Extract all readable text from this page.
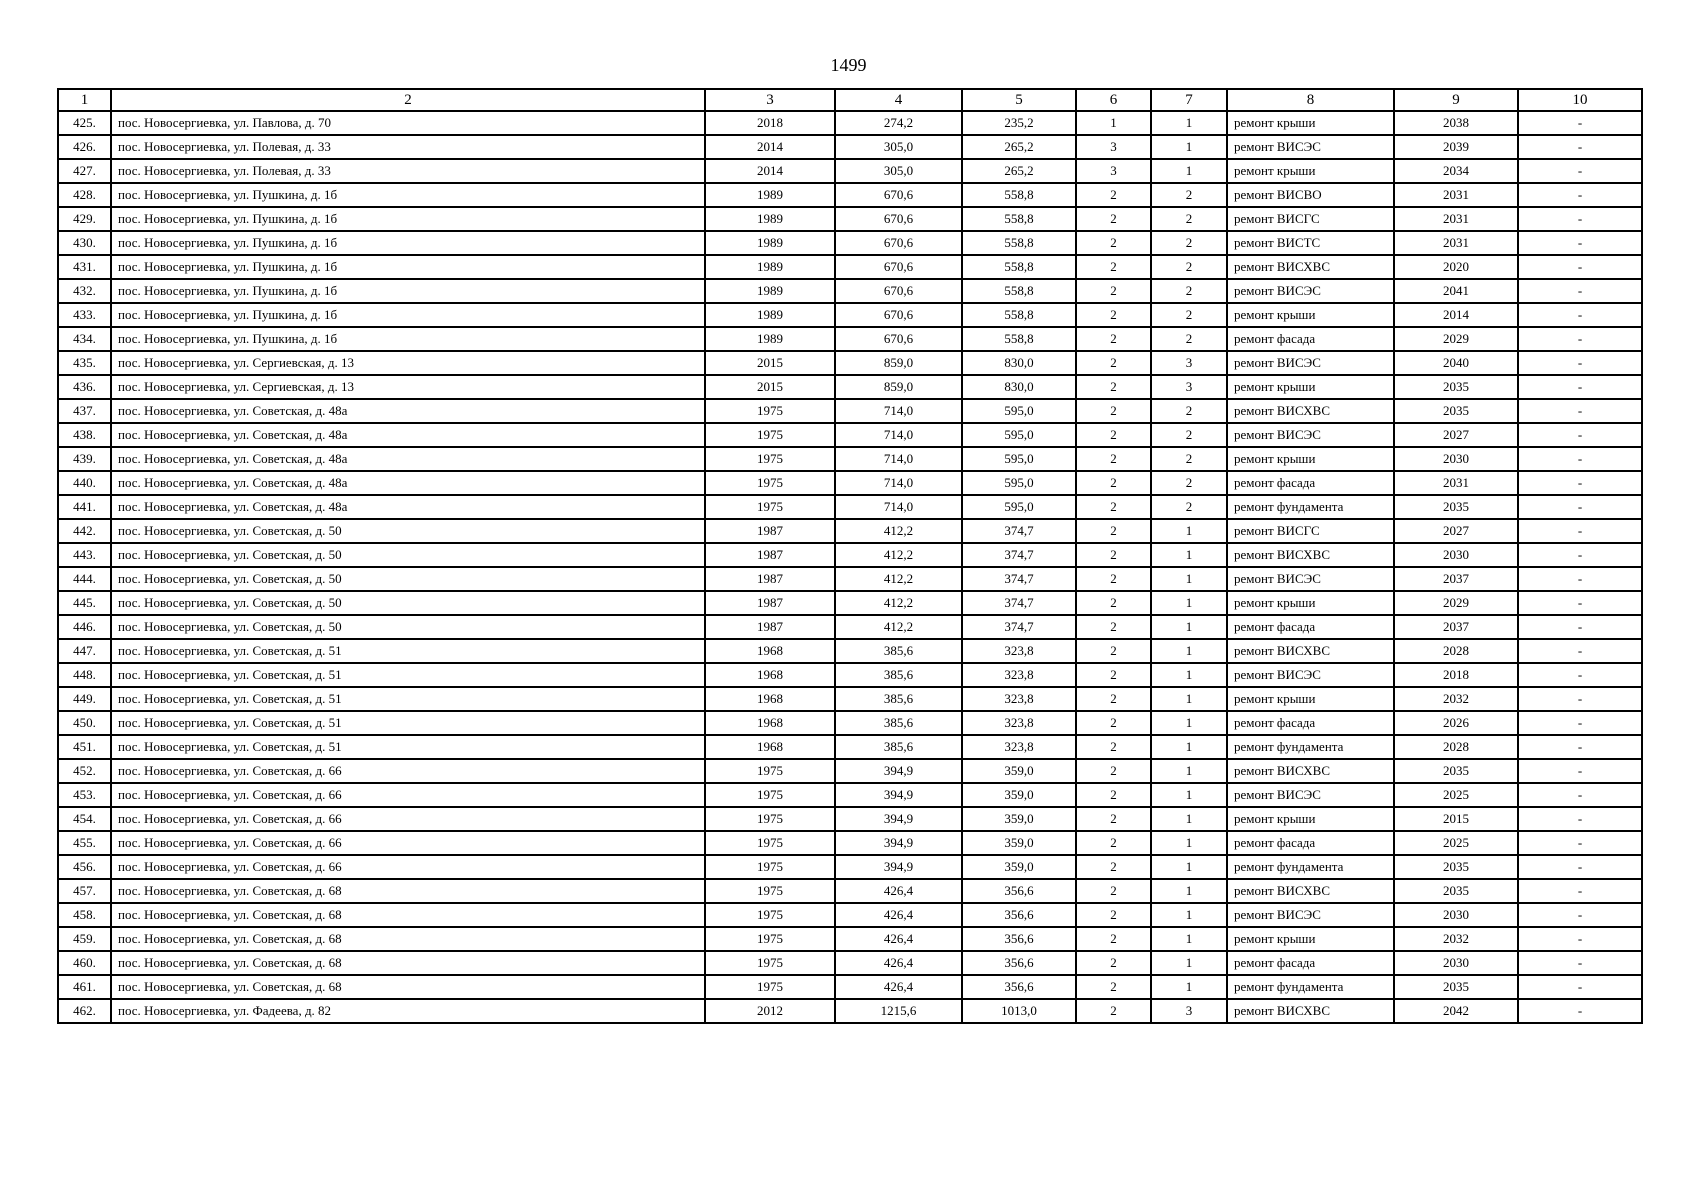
1499
1	2	3	4	5	6	7	8	9	10
425.	пос. Новосергиевка, ул. Павлова, д. 70	2018	274,2	235,2	1	1	ремонт крыши	2038	-
426.	пос. Новосергиевка, ул. Полевая, д. 33	2014	305,0	265,2	3	1	ремонт ВИСЭС	2039	-
427.	пос. Новосергиевка, ул. Полевая, д. 33	2014	305,0	265,2	3	1	ремонт крыши	2034	-
428.	пос. Новосергиевка, ул. Пушкина, д. 1б	1989	670,6	558,8	2	2	ремонт ВИСВО	2031	-
429.	пос. Новосергиевка, ул. Пушкина, д. 1б	1989	670,6	558,8	2	2	ремонт ВИСГС	2031	-
430.	пос. Новосергиевка, ул. Пушкина, д. 1б	1989	670,6	558,8	2	2	ремонт ВИСТС	2031	-
431.	пос. Новосергиевка, ул. Пушкина, д. 1б	1989	670,6	558,8	2	2	ремонт ВИСХВС	2020	-
432.	пос. Новосергиевка, ул. Пушкина, д. 1б	1989	670,6	558,8	2	2	ремонт ВИСЭС	2041	-
433.	пос. Новосергиевка, ул. Пушкина, д. 1б	1989	670,6	558,8	2	2	ремонт крыши	2014	-
434.	пос. Новосергиевка, ул. Пушкина, д. 1б	1989	670,6	558,8	2	2	ремонт фасада	2029	-
435.	пос. Новосергиевка, ул. Сергиевская, д. 13	2015	859,0	830,0	2	3	ремонт ВИСЭС	2040	-
436.	пос. Новосергиевка, ул. Сергиевская, д. 13	2015	859,0	830,0	2	3	ремонт крыши	2035	-
437.	пос. Новосергиевка, ул. Советская, д. 48а	1975	714,0	595,0	2	2	ремонт ВИСХВС	2035	-
438.	пос. Новосергиевка, ул. Советская, д. 48а	1975	714,0	595,0	2	2	ремонт ВИСЭС	2027	-
439.	пос. Новосергиевка, ул. Советская, д. 48а	1975	714,0	595,0	2	2	ремонт крыши	2030	-
440.	пос. Новосергиевка, ул. Советская, д. 48а	1975	714,0	595,0	2	2	ремонт фасада	2031	-
441.	пос. Новосергиевка, ул. Советская, д. 48а	1975	714,0	595,0	2	2	ремонт фундамента	2035	-
442.	пос. Новосергиевка, ул. Советская, д. 50	1987	412,2	374,7	2	1	ремонт ВИСГС	2027	-
443.	пос. Новосергиевка, ул. Советская, д. 50	1987	412,2	374,7	2	1	ремонт ВИСХВС	2030	-
444.	пос. Новосергиевка, ул. Советская, д. 50	1987	412,2	374,7	2	1	ремонт ВИСЭС	2037	-
445.	пос. Новосергиевка, ул. Советская, д. 50	1987	412,2	374,7	2	1	ремонт крыши	2029	-
446.	пос. Новосергиевка, ул. Советская, д. 50	1987	412,2	374,7	2	1	ремонт фасада	2037	-
447.	пос. Новосергиевка, ул. Советская, д. 51	1968	385,6	323,8	2	1	ремонт ВИСХВС	2028	-
448.	пос. Новосергиевка, ул. Советская, д. 51	1968	385,6	323,8	2	1	ремонт ВИСЭС	2018	-
449.	пос. Новосергиевка, ул. Советская, д. 51	1968	385,6	323,8	2	1	ремонт крыши	2032	-
450.	пос. Новосергиевка, ул. Советская, д. 51	1968	385,6	323,8	2	1	ремонт фасада	2026	-
451.	пос. Новосергиевка, ул. Советская, д. 51	1968	385,6	323,8	2	1	ремонт фундамента	2028	-
452.	пос. Новосергиевка, ул. Советская, д. 66	1975	394,9	359,0	2	1	ремонт ВИСХВС	2035	-
453.	пос. Новосергиевка, ул. Советская, д. 66	1975	394,9	359,0	2	1	ремонт ВИСЭС	2025	-
454.	пос. Новосергиевка, ул. Советская, д. 66	1975	394,9	359,0	2	1	ремонт крыши	2015	-
455.	пос. Новосергиевка, ул. Советская, д. 66	1975	394,9	359,0	2	1	ремонт фасада	2025	-
456.	пос. Новосергиевка, ул. Советская, д. 66	1975	394,9	359,0	2	1	ремонт фундамента	2035	-
457.	пос. Новосергиевка, ул. Советская, д. 68	1975	426,4	356,6	2	1	ремонт ВИСХВС	2035	-
458.	пос. Новосергиевка, ул. Советская, д. 68	1975	426,4	356,6	2	1	ремонт ВИСЭС	2030	-
459.	пос. Новосергиевка, ул. Советская, д. 68	1975	426,4	356,6	2	1	ремонт крыши	2032	-
460.	пос. Новосергиевка, ул. Советская, д. 68	1975	426,4	356,6	2	1	ремонт фасада	2030	-
461.	пос. Новосергиевка, ул. Советская, д. 68	1975	426,4	356,6	2	1	ремонт фундамента	2035	-
462.	пос. Новосергиевка, ул. Фадеева, д. 82	2012	1215,6	1013,0	2	3	ремонт ВИСХВС	2042	-
